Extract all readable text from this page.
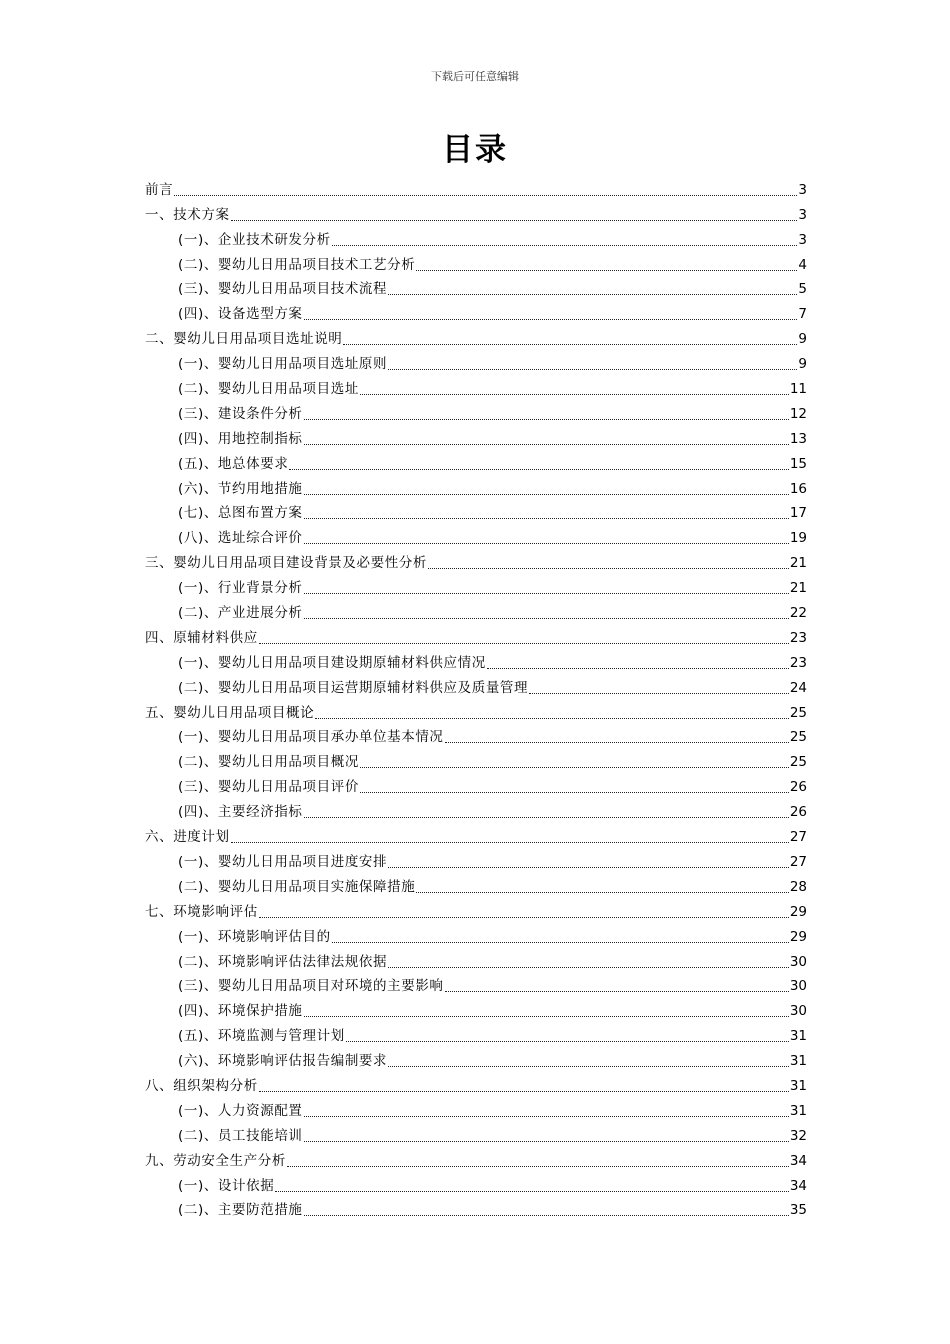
下载后可任意编辑
目录
前言	3
一、技术方案	3
(一)、企业技术研发分析	3
(二)、婴幼儿日用品项目技术工艺分析	4
(三)、婴幼儿日用品项目技术流程	5
(四)、设备选型方案	7
二、婴幼儿日用品项目选址说明	9
(一)、婴幼儿日用品项目选址原则	9
(二)、婴幼儿日用品项目选址	11
(三)、建设条件分析	12
(四)、用地控制指标	13
(五)、地总体要求	15
(六)、节约用地措施	16
(七)、总图布置方案	17
(八)、选址综合评价	19
三、婴幼儿日用品项目建设背景及必要性分析	21
(一)、行业背景分析	21
(二)、产业进展分析	22
四、原辅材料供应	23
(一)、婴幼儿日用品项目建设期原辅材料供应情况	23
(二)、婴幼儿日用品项目运营期原辅材料供应及质量管理	24
五、婴幼儿日用品项目概论	25
(一)、婴幼儿日用品项目承办单位基本情况	25
(二)、婴幼儿日用品项目概况	25
(三)、婴幼儿日用品项目评价	26
(四)、主要经济指标	26
六、进度计划	27
(一)、婴幼儿日用品项目进度安排	27
(二)、婴幼儿日用品项目实施保障措施	28
七、环境影响评估	29
(一)、环境影响评估目的	29
(二)、环境影响评估法律法规依据	30
(三)、婴幼儿日用品项目对环境的主要影响	30
(四)、环境保护措施	30
(五)、环境监测与管理计划	31
(六)、环境影响评估报告编制要求	31
八、组织架构分析	31
(一)、人力资源配置	31
(二)、员工技能培训	32
九、劳动安全生产分析	34
(一)、设计依据	34
(二)、主要防范措施	35
